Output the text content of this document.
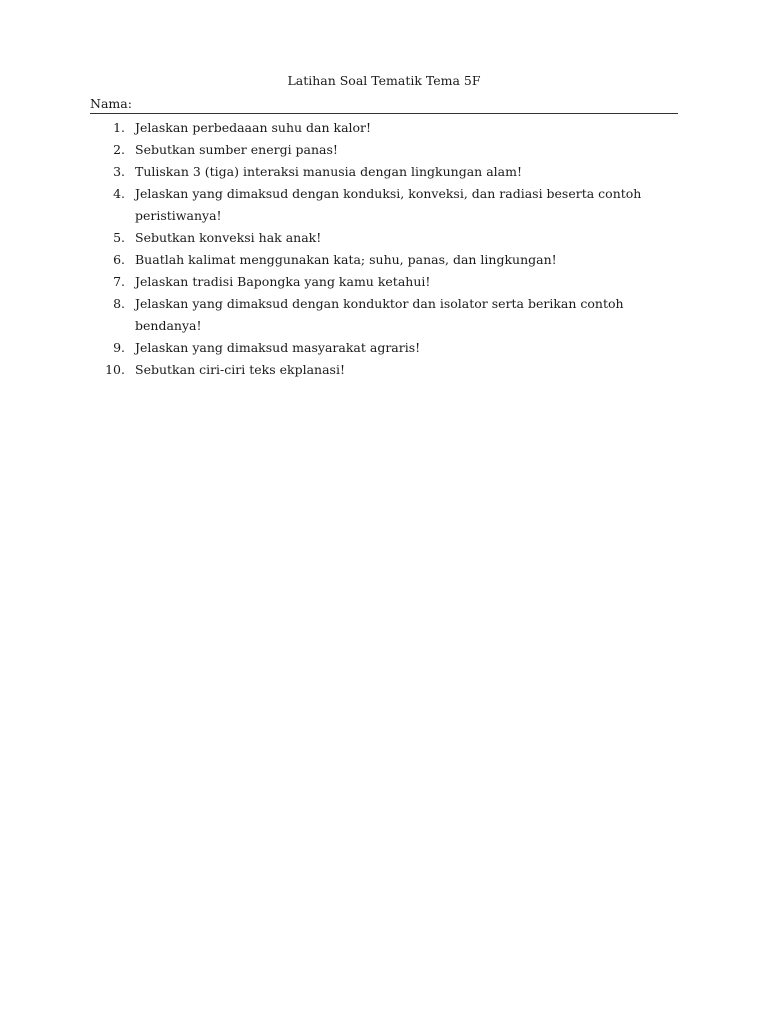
Latihan Soal Tematik Tema 5F
Nama:
1. Jelaskan perbedaaan suhu dan kalor!
2. Sebutkan sumber energi panas!
3. Tuliskan 3 (tiga) interaksi manusia dengan lingkungan alam!
4. Jelaskan yang dimaksud dengan konduksi, konveksi, dan radiasi beserta contoh peristiwanya!
5. Sebutkan konveksi hak anak!
6. Buatlah kalimat menggunakan kata; suhu, panas, dan lingkungan!
7. Jelaskan tradisi Bapongka yang kamu ketahui!
8. Jelaskan yang dimaksud dengan konduktor dan isolator serta berikan contoh bendanya!
9. Jelaskan yang dimaksud masyarakat agraris!
10. Sebutkan ciri-ciri teks ekplanasi!
